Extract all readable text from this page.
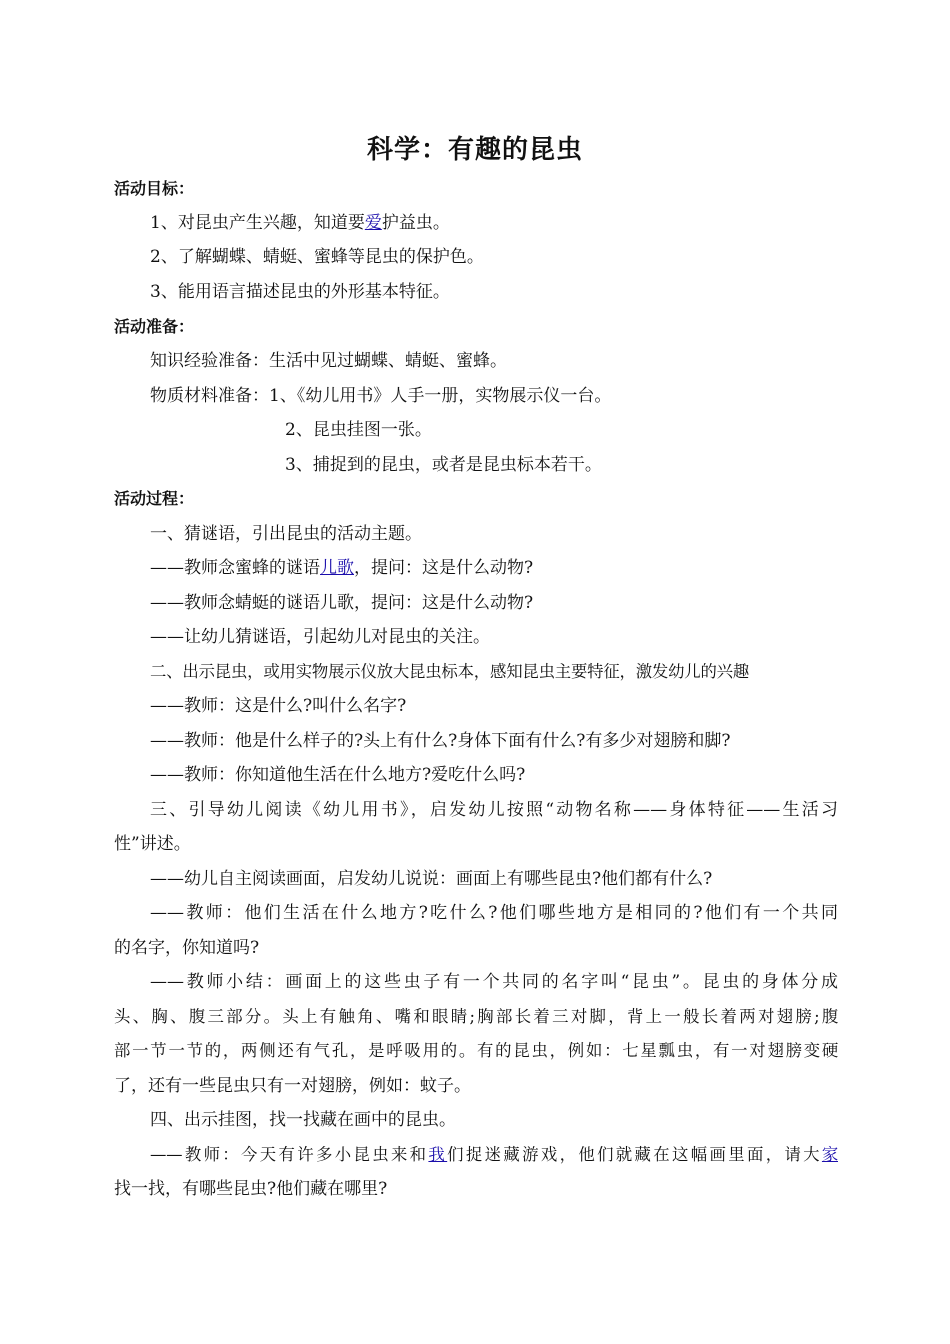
科学：有趣的昆虫
活动目标：
1、对昆虫产生兴趣，知道要爱护益虫。
2、了解蝴蝶、蜻蜓、蜜蜂等昆虫的保护色。
3、能用语言描述昆虫的外形基本特征。
活动准备：
知识经验准备：生活中见过蝴蝶、蜻蜓、蜜蜂。
物质材料准备：1、《幼儿用书》人手一册，实物展示仪一台。
2、昆虫挂图一张。
3、捕捉到的昆虫，或者是昆虫标本若干。
活动过程：
一、猜谜语，引出昆虫的活动主题。
——教师念蜜蜂的谜语儿歌，提问：这是什么动物?
——教师念蜻蜓的谜语儿歌，提问：这是什么动物?
——让幼儿猜谜语，引起幼儿对昆虫的关注。
二、出示昆虫，或用实物展示仪放大昆虫标本，感知昆虫主要特征，激发幼儿的兴趣
——教师：这是什么?叫什么名字?
——教师：他是什么样子的?头上有什么?身体下面有什么?有多少对翅膀和脚?
——教师：你知道他生活在什么地方?爱吃什么吗?
三、引导幼儿阅读《幼儿用书》，启发幼儿按照“动物名称——身体特征——生活习
性”讲述。
——幼儿自主阅读画面，启发幼儿说说：画面上有哪些昆虫?他们都有什么?
——教师：他们生活在什么地方?吃什么?他们哪些地方是相同的?他们有一个共同
的名字，你知道吗?
——教师小结：画面上的这些虫子有一个共同的名字叫“昆虫”。昆虫的身体分成
头、胸、腹三部分。头上有触角、嘴和眼睛;胸部长着三对脚，背上一般长着两对翅膀;腹
部一节一节的，两侧还有气孔，是呼吸用的。有的昆虫，例如：七星瓢虫，有一对翅膀变硬
了，还有一些昆虫只有一对翅膀，例如：蚊子。
四、出示挂图，找一找藏在画中的昆虫。
——教师：今天有许多小昆虫来和我们捉迷藏游戏，他们就藏在这幅画里面，请大家
找一找，有哪些昆虫?他们藏在哪里?
